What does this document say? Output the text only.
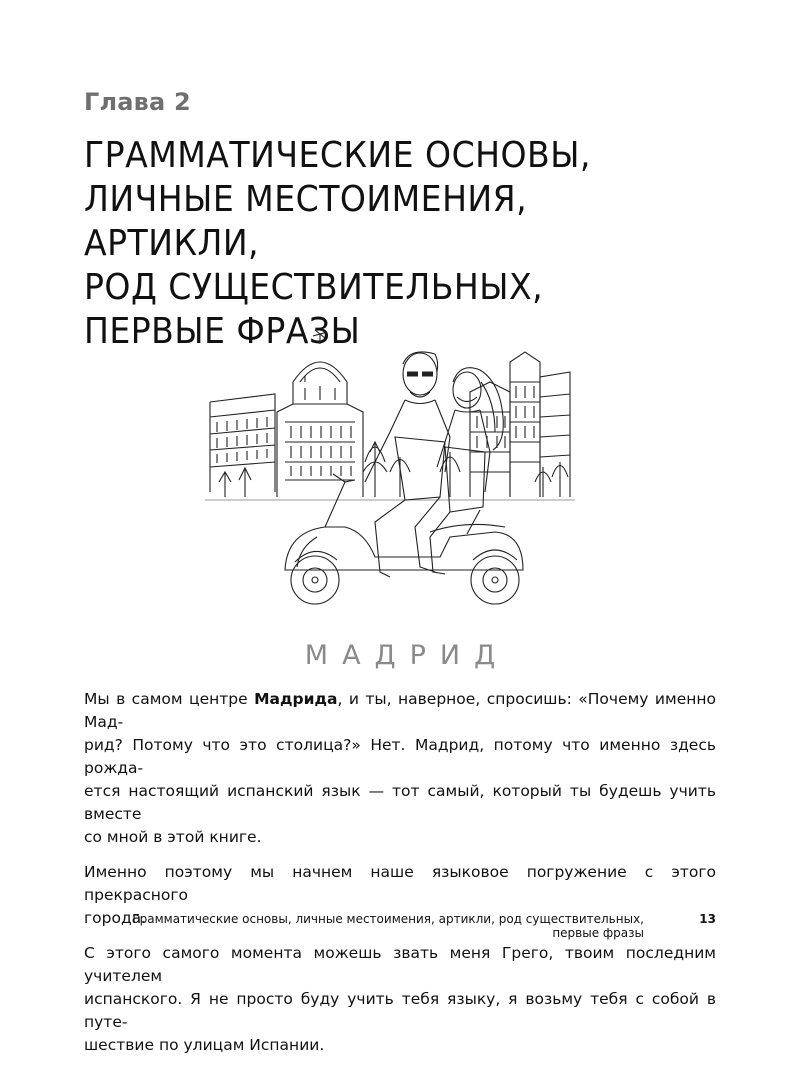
Глава 2
ГРАММАТИЧЕСКИЕ ОСНОВЫ,
ЛИЧНЫЕ МЕСТОИМЕНИЯ, АРТИКЛИ,
РОД СУЩЕСТВИТЕЛЬНЫХ,
ПЕРВЫЕ ФРАЗЫ
МАДРИД

Мы в самом центре Мадрида, и ты, наверное, спросишь: «Почему именно Мад-
рид? Потому что это столица?» Нет. Мадрид, потому что именно здесь рожда-
ется настоящий испанский язык — тот самый, который ты будешь учить вместе
со мной в этой книге.

Именно поэтому мы начнем наше языковое погружение с этого прекрасного
города.

С этого самого момента можешь звать меня Грего, твоим последним учителем
испанского. Я не просто буду учить тебя языку, я возьму тебя с собой в путе-
шествие по улицам Испании.

Грамматические основы, личные местоимения, артикли, род существительных, первые фразы
13
